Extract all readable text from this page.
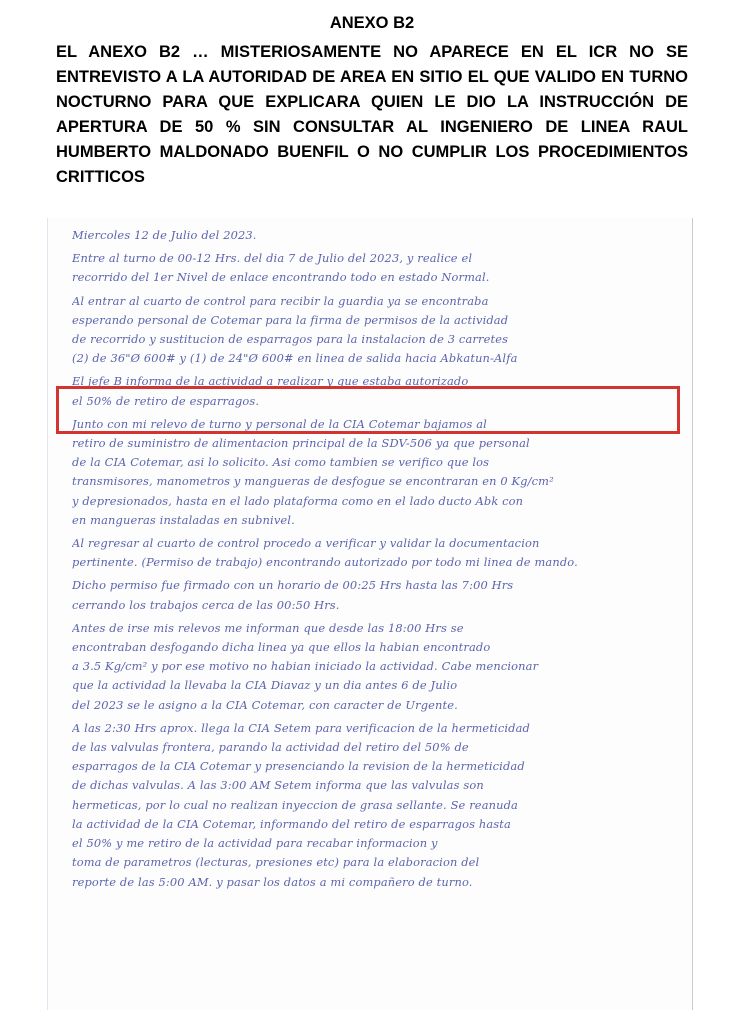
ANEXO B2

EL ANEXO B2 … MISTERIOSAMENTE NO APARECE EN EL ICR NO SE ENTREVISTO A LA AUTORIDAD DE AREA EN SITIO EL QUE VALIDO EN TURNO NOCTURNO PARA QUE EXPLICARA QUIEN LE DIO LA INSTRUCCIÓN DE APERTURA DE 50 % SIN CONSULTAR AL INGENIERO DE LINEA RAUL HUMBERTO MALDONADO BUENFIL O NO CUMPLIR LOS PROCEDIMIENTOS CRITTICOS

Miercoles 12 de Julio del 2023.

Entre al turno de 00-12 Hrs. del dia 7 de Julio del 2023, y realice el
recorrido del 1er Nivel de enlace encontrando todo en estado Normal.

Al entrar al cuarto de control para recibir la guardia ya se encontraba
esperando personal de Cotemar para la firma de permisos de la actividad
de recorrido y sustitucion de esparragos para la instalacion de 3 carretes
(2) de 36"Ø 600# y (1) de 24"Ø 600# en linea de salida hacia Abkatun-Alfa

El jefe B informa de la actividad a realizar y que estaba autorizado
el 50% de retiro de esparragos.

Junto con mi relevo de turno y personal de la CIA Cotemar bajamos al
retiro de suministro de alimentacion principal de la SDV-506 ya que personal
de la CIA Cotemar, asi lo solicito. Asi como tambien se verifico que los
transmisores, manometros y mangueras de desfogue se encontraran en 0 Kg/cm²
y depresionados, hasta en el lado plataforma como en el lado ducto Abk con
en mangueras instaladas en subnivel.

Al regresar al cuarto de control procedo a verificar y validar la documentacion
pertinente. (Permiso de trabajo) encontrando autorizado por todo mi linea de mando.

Dicho permiso fue firmado con un horario de 00:25 Hrs hasta las 7:00 Hrs
cerrando los trabajos cerca de las 00:50 Hrs.

Antes de irse mis relevos me informan que desde las 18:00 Hrs se
encontraban desfogando dicha linea ya que ellos la habian encontrado
a 3.5 Kg/cm² y por ese motivo no habian iniciado la actividad. Cabe mencionar
que la actividad la llevaba la CIA Diavaz y un dia antes 6 de Julio
del 2023 se le asigno a la CIA Cotemar, con caracter de Urgente.

A las 2:30 Hrs aprox. llega la CIA Setem para verificacion de la hermeticidad
de las valvulas frontera, parando la actividad del retiro del 50% de
esparragos de la CIA Cotemar y presenciando la revision de la hermeticidad
de dichas valvulas. A las 3:00 AM Setem informa que las valvulas son
hermeticas, por lo cual no realizan inyeccion de grasa sellante. Se reanuda
la actividad de la CIA Cotemar, informando del retiro de esparragos hasta
el 50% y me retiro de la actividad para recabar informacion y
toma de parametros (lecturas, presiones etc) para la elaboracion del
reporte de las 5:00 AM. y pasar los datos a mi compañero de turno.
